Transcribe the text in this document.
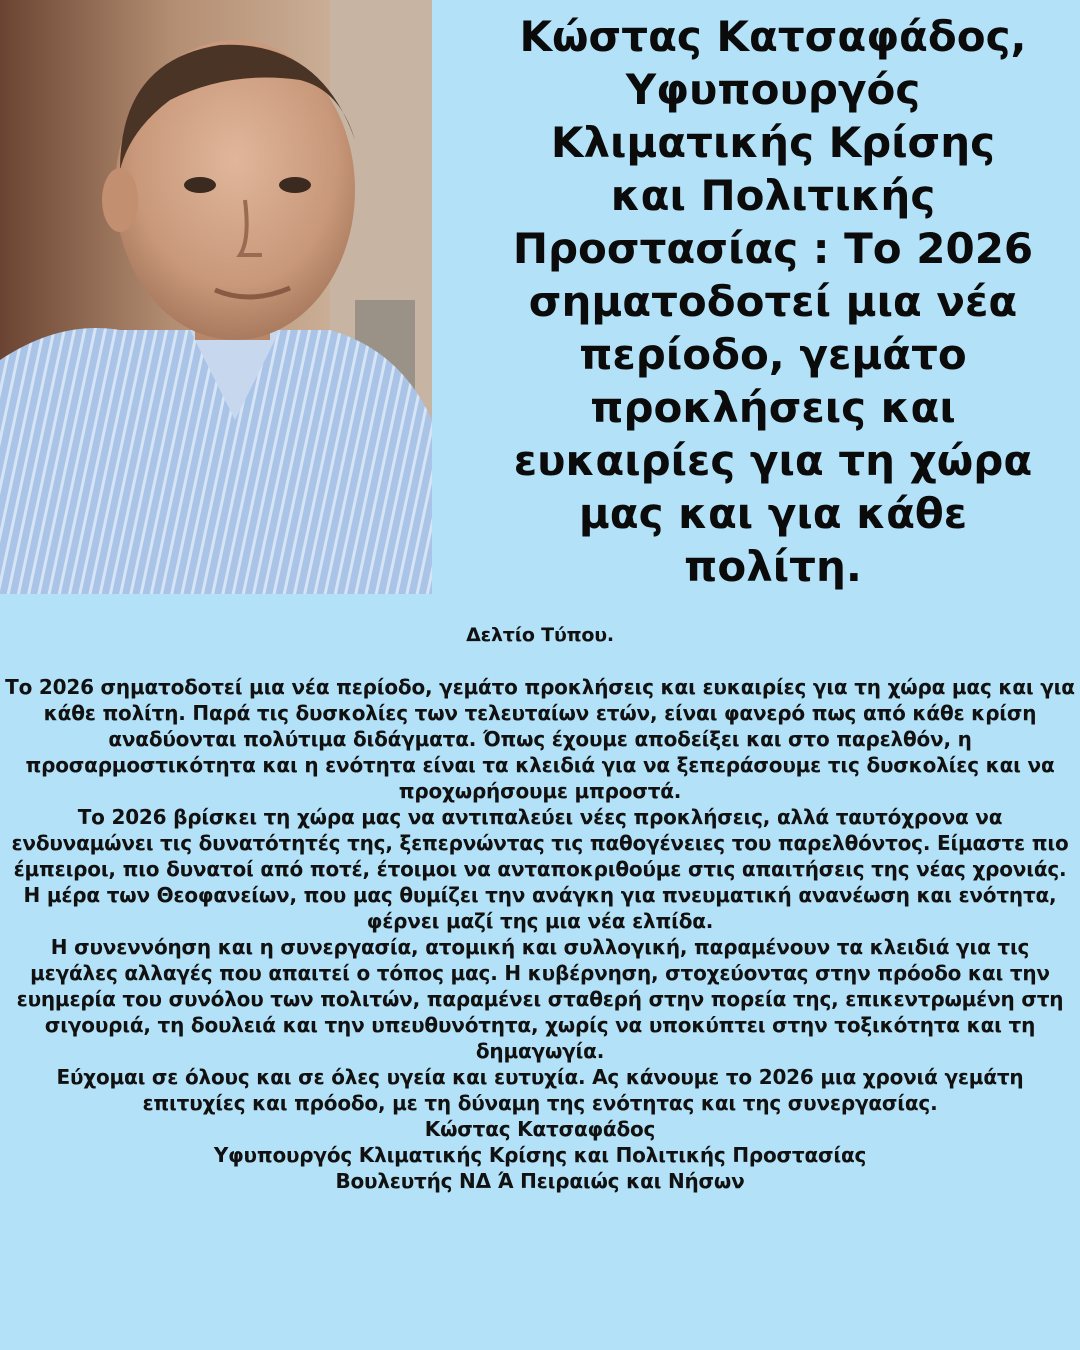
Κώστας Κατσαφάδος,
Υφυπουργός
Κλιματικής Κρίσης
και Πολιτικής
Προστασίας : Το 2026
σηματοδοτεί μια νέα
περίοδο, γεμάτο
προκλήσεις και
ευκαιρίες για τη χώρα
μας και για κάθε
πολίτη.

Δελτίο Τύπου.

Το 2026 σηματοδοτεί μια νέα περίοδο, γεμάτο προκλήσεις και ευκαιρίες για τη χώρα μας και για κάθε πολίτη. Παρά τις δυσκολίες των τελευταίων ετών, είναι φανερό πως από κάθε κρίση αναδύονται πολύτιμα διδάγματα. Όπως έχουμε αποδείξει και στο παρελθόν, η προσαρμοστικότητα και η ενότητα είναι τα κλειδιά για να ξεπεράσουμε τις δυσκολίες και να προχωρήσουμε μπροστά.

Το 2026 βρίσκει τη χώρα μας να αντιπαλεύει νέες προκλήσεις, αλλά ταυτόχρονα να ενδυναμώνει τις δυνατότητές της, ξεπερνώντας τις παθογένειες του παρελθόντος. Είμαστε πιο έμπειροι, πιο δυνατοί από ποτέ, έτοιμοι να ανταποκριθούμε στις απαιτήσεις της νέας χρονιάς. Η μέρα των Θεοφανείων, που μας θυμίζει την ανάγκη για πνευματική ανανέωση και ενότητα, φέρνει μαζί της μια νέα ελπίδα.

Η συνεννόηση και η συνεργασία, ατομική και συλλογική, παραμένουν τα κλειδιά για τις μεγάλες αλλαγές που απαιτεί ο τόπος μας. Η κυβέρνηση, στοχεύοντας στην πρόοδο και την ευημερία του συνόλου των πολιτών, παραμένει σταθερή στην πορεία της, επικεντρωμένη στη σιγουριά, τη δουλειά και την υπευθυνότητα, χωρίς να υποκύπτει στην τοξικότητα και τη δημαγωγία.

Εύχομαι σε όλους και σε όλες υγεία και ευτυχία. Ας κάνουμε το 2026 μια χρονιά γεμάτη επιτυχίες και πρόοδο, με τη δύναμη της ενότητας και της συνεργασίας.

Κώστας Κατσαφάδος

Υφυπουργός Κλιματικής Κρίσης και Πολιτικής Προστασίας

Βουλευτής ΝΔ Ά Πειραιώς και Νήσων
